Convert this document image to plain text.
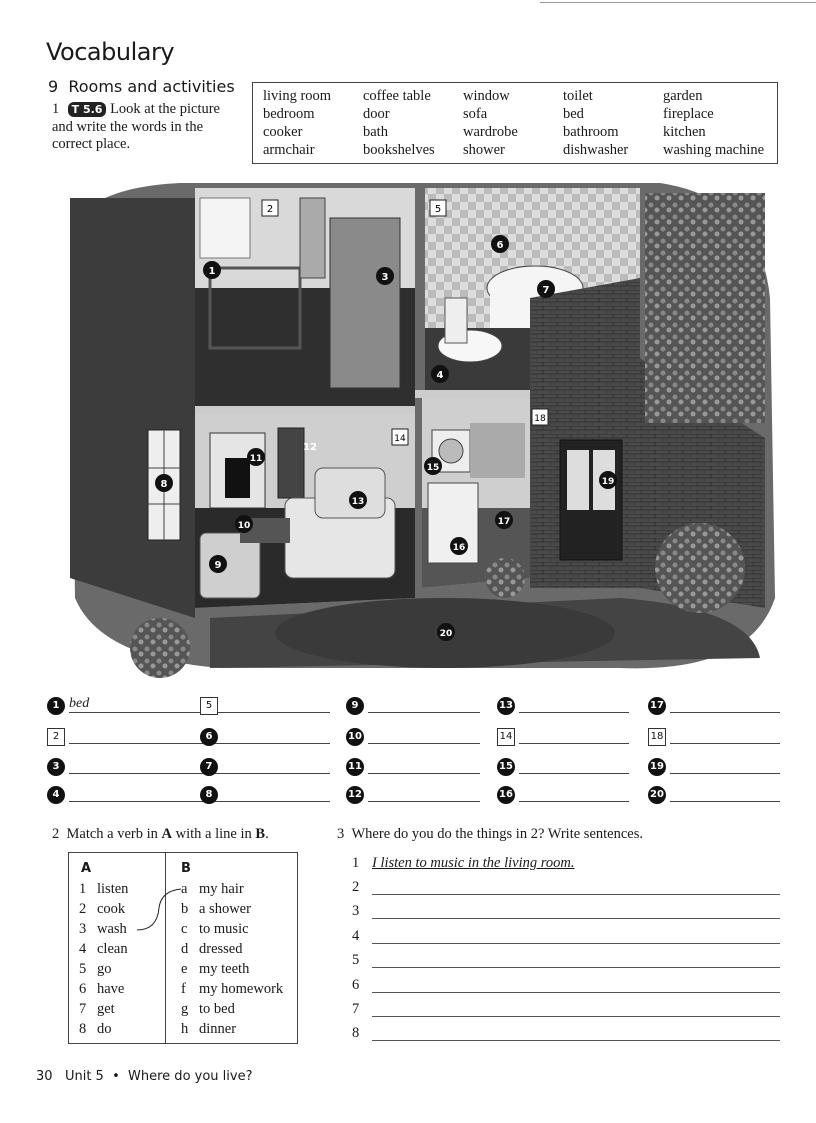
Vocabulary
9 Rooms and activities
1 T 5.6 Look at the picture and write the words in the correct place.
living room
bedroom
cooker
armchair
coffee table
door
bath
bookshelves
window
sofa
wardrobe
shower
toilet
bed
bathroom
dishwasher
garden
fireplace
kitchen
washing machine
1
2
3
4
5
6
7
8
9
10
11
12
13
14
15
16
17
18
19
20
1 bed
2
3
4
5
6
7
8
9
10
11
12
13
14
15
16
17
18
19
20
2 Match a verb in A with a line in B.
A	B
1 listen
2 cook
3 wash
4 clean
5 go
6 have
7 get
8 do
a my hair
b a shower
c to music
d dressed
e my teeth
f my homework
g to bed
h dinner
3 Where do you do the things in 2? Write sentences.
1 I listen to music in the living room.
2
3
4
5
6
7
8
30 Unit 5 • Where do you live?
